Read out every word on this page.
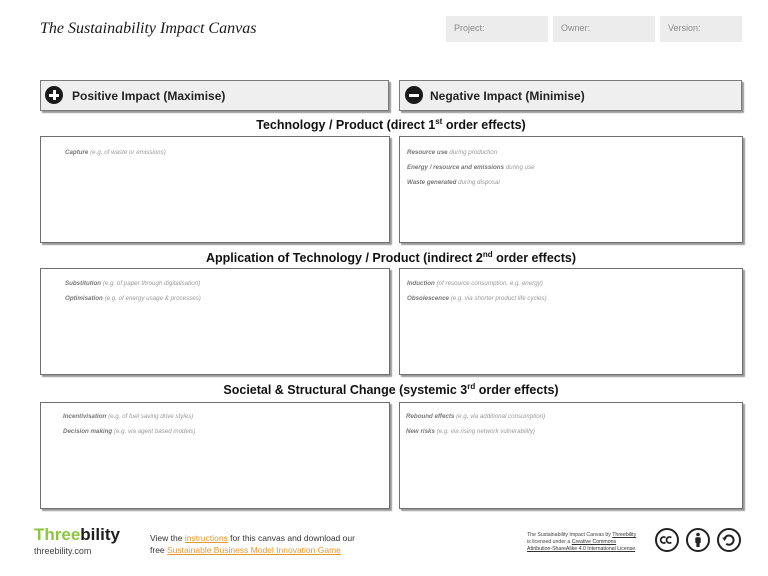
The Sustainability Impact Canvas	Project:	Owner:	Version:
Positive Impact (Maximise)	Negative Impact (Minimise)
Technology / Product (direct 1st order effects)
Capture (e.g. of waste or emissions)	Resource use during production
Energy / resource and emissions during use
Waste generated during disposal
Application of Technology / Product (indirect 2nd order effects)
Substitution (e.g. of paper through digitalisation)
Optimisation (e.g. of energy usage & processes)
Induction (of resource consumption, e.g. energy)
Obsolescence (e.g. via shorter product life cycles)
Societal & Structural Change (systemic 3rd order effects)
Incentivisation (e.g. of fuel saving drive styles)
Decision making (e.g. via agent based models)
Rebound effects (e.g. via additional consumption)
New risks (e.g. via rising network vulnerability)
Threebility
threebility.com
View the instructions for this canvas and download our
free Sustainable Business Model Innovation Game
The Sustainability Impact Canvas by Threebility
is licensed under a Creative Commons
Attribution-ShareAlike 4.0 International License.
